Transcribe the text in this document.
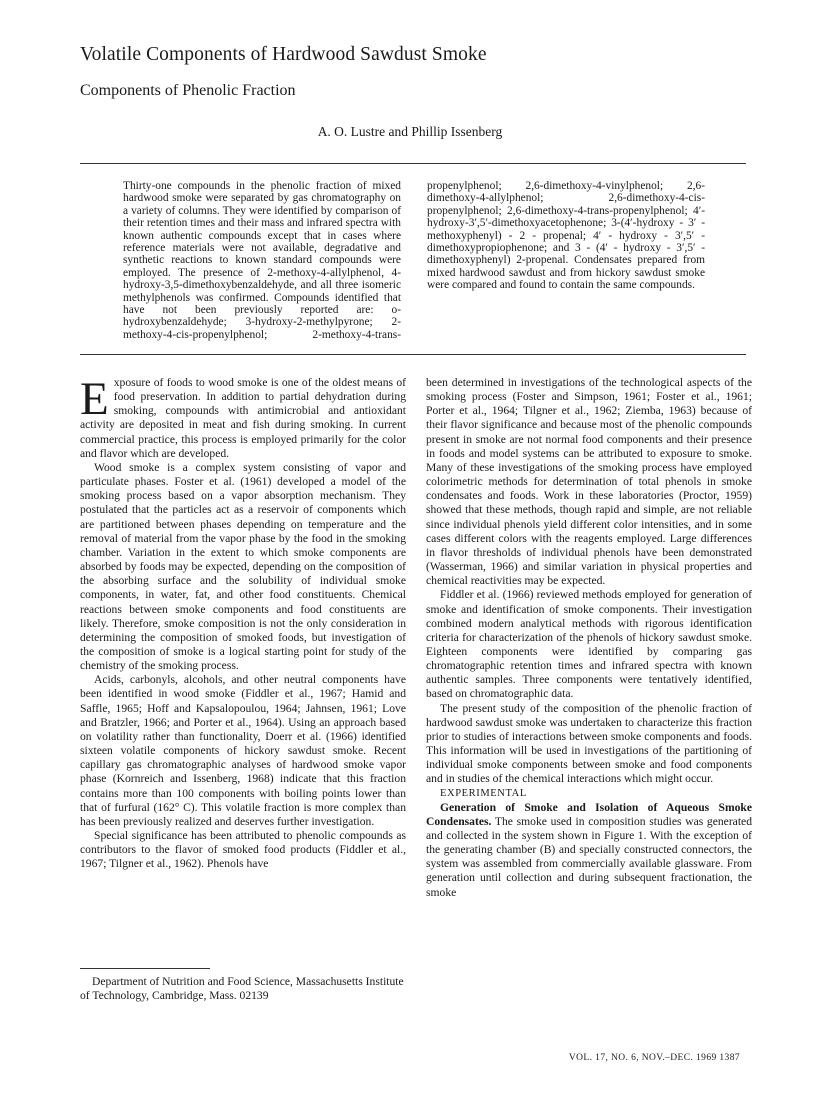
Volatile Components of Hardwood Sawdust Smoke
Components of Phenolic Fraction
A. O. Lustre and Phillip Issenberg

Thirty-one compounds in the phenolic fraction of mixed hardwood smoke were separated by gas chromatography on a variety of columns. They were identified by comparison of their retention times and their mass and infrared spectra with known authentic compounds except that in cases where reference materials were not available, degradative and synthetic reactions to known standard compounds were employed. The presence of 2-methoxy-4-allylphenol, 4-hydroxy-3,5-dimethoxybenzaldehyde, and all three isomeric methylphenols was confirmed. Compounds identified that have not been previously reported are: o-hydroxybenzaldehyde; 3-hydroxy-2-methylpyrone; 2-methoxy-4-cis-propenylphenol; 2-methoxy-4-trans-propenylphenol; 2,6-dimethoxy-4-vinylphenol; 2,6-dimethoxy-4-allylphenol; 2,6-dimethoxy-4-cis-propenylphenol; 2,6-dimethoxy-4-trans-propenylphenol; 4′-hydroxy-3′,5′-dimethoxyacetophenone; 3-(4′-hydroxy - 3′ - methoxyphenyl) - 2 - propenal; 4′ - hydroxy - 3′,5′ - dimethoxypropiophenone; and 3 - (4′ - hydroxy - 3′,5′ - dimethoxyphenyl) 2-propenal. Condensates prepared from mixed hardwood sawdust and from hickory sawdust smoke were compared and found to contain the same compounds.

Exposure of foods to wood smoke is one of the oldest means of food preservation. In addition to partial dehydration during smoking, compounds with antimicrobial and antioxidant activity are deposited in meat and fish during smoking. In current commercial practice, this process is employed primarily for the color and flavor which are developed.

Wood smoke is a complex system consisting of vapor and particulate phases. Foster et al. (1961) developed a model of the smoking process based on a vapor absorption mechanism. They postulated that the particles act as a reservoir of components which are partitioned between phases depending on temperature and the removal of material from the vapor phase by the food in the smoking chamber. Variation in the extent to which smoke components are absorbed by foods may be expected, depending on the composition of the absorbing surface and the solubility of individual smoke components, in water, fat, and other food constituents. Chemical reactions between smoke components and food constituents are likely. Therefore, smoke composition is not the only consideration in determining the composition of smoked foods, but investigation of the composition of smoke is a logical starting point for study of the chemistry of the smoking process.

Acids, carbonyls, alcohols, and other neutral components have been identified in wood smoke (Fiddler et al., 1967; Hamid and Saffle, 1965; Hoff and Kapsalopoulou, 1964; Jahnsen, 1961; Love and Bratzler, 1966; and Porter et al., 1964). Using an approach based on volatility rather than functionality, Doerr et al. (1966) identified sixteen volatile components of hickory sawdust smoke. Recent capillary gas chromatographic analyses of hardwood smoke vapor phase (Kornreich and Issenberg, 1968) indicate that this fraction contains more than 100 components with boiling points lower than that of furfural (162° C). This volatile fraction is more complex than has been previously realized and deserves further investigation.

Special significance has been attributed to phenolic compounds as contributors to the flavor of smoked food products (Fiddler et al., 1967; Tilgner et al., 1962). Phenols have

Department of Nutrition and Food Science, Massachusetts Institute of Technology, Cambridge, Mass. 02139

been determined in investigations of the technological aspects of the smoking process (Foster and Simpson, 1961; Foster et al., 1961; Porter et al., 1964; Tilgner et al., 1962; Ziemba, 1963) because of their flavor significance and because most of the phenolic compounds present in smoke are not normal food components and their presence in foods and model systems can be attributed to exposure to smoke. Many of these investigations of the smoking process have employed colorimetric methods for determination of total phenols in smoke condensates and foods. Work in these laboratories (Proctor, 1959) showed that these methods, though rapid and simple, are not reliable since individual phenols yield different color intensities, and in some cases different colors with the reagents employed. Large differences in flavor thresholds of individual phenols have been demonstrated (Wasserman, 1966) and similar variation in physical properties and chemical reactivities may be expected.

Fiddler et al. (1966) reviewed methods employed for generation of smoke and identification of smoke components. Their investigation combined modern analytical methods with rigorous identification criteria for characterization of the phenols of hickory sawdust smoke. Eighteen components were identified by comparing gas chromatographic retention times and infrared spectra with known authentic samples. Three components were tentatively identified, based on chromatographic data.

The present study of the composition of the phenolic fraction of hardwood sawdust smoke was undertaken to characterize this fraction prior to studies of interactions between smoke components and foods. This information will be used in investigations of the partitioning of individual smoke components between smoke and food components and in studies of the chemical interactions which might occur.

EXPERIMENTAL

Generation of Smoke and Isolation of Aqueous Smoke Condensates. The smoke used in composition studies was generated and collected in the system shown in Figure 1. With the exception of the generating chamber (B) and specially constructed connectors, the system was assembled from commercially available glassware. From generation until collection and during subsequent fractionation, the smoke

VOL. 17, NO. 6, NOV.–DEC. 1969 1387
